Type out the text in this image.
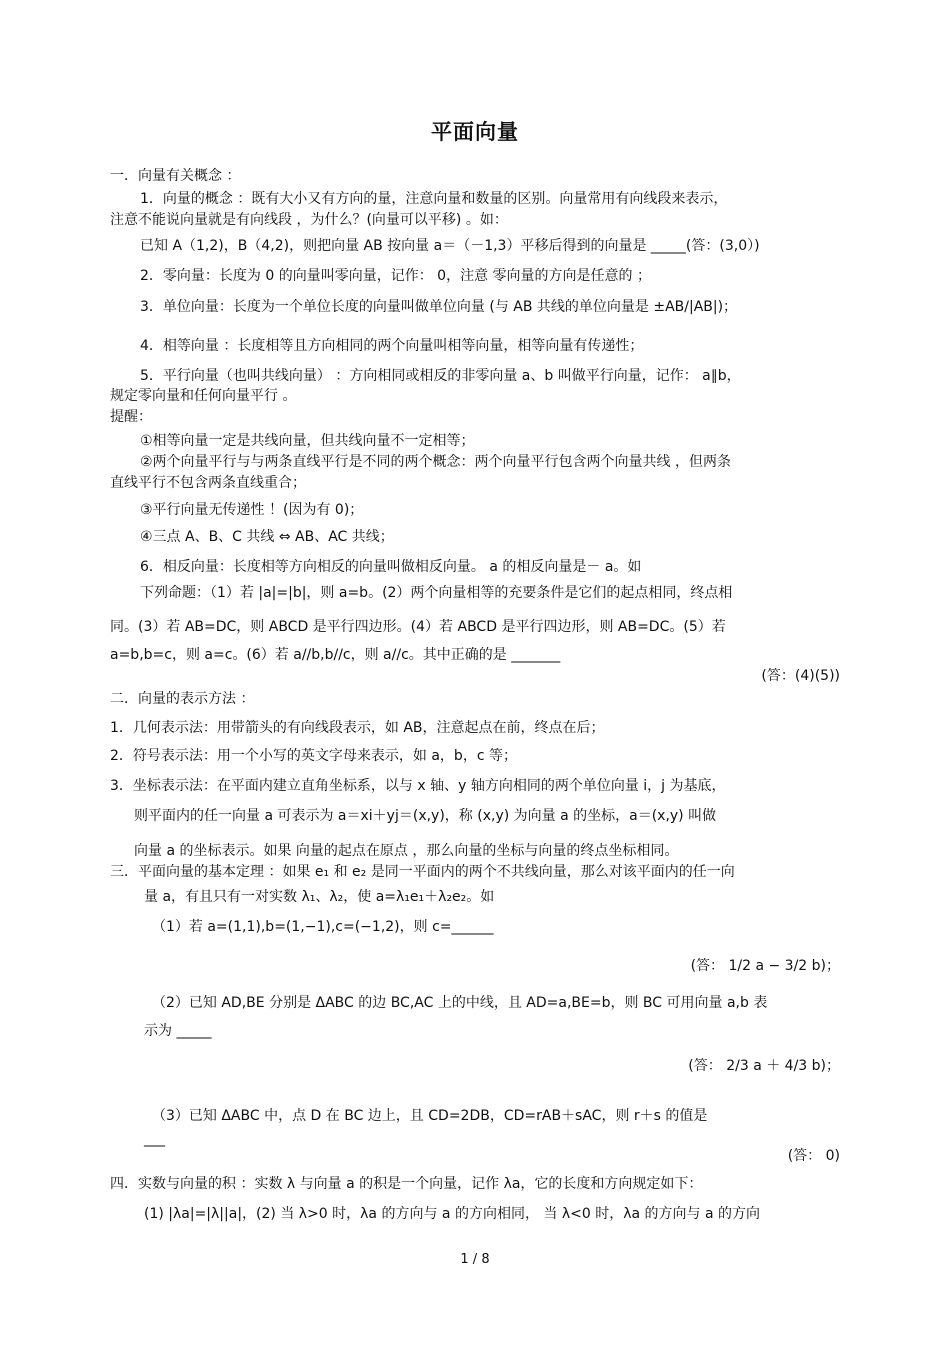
平面向量
一．向量有关概念 ：
1．向量的概念 ：既有大小又有方向的量，注意向量和数量的区别。向量常用有向线段来表示，
注意不能说向量就是有向线段 ，为什么？(向量可以平移) 。如：
已知 A（1,2)，B（4,2)，则把向量 AB 按向量 a＝（－1,3）平移后得到的向量是 _____(答：(3,0）)
2．零向量：长度为 0 的向量叫零向量，记作： 0，注意 零向量的方向是任意的 ；
3．单位向量：长度为一个单位长度的向量叫做单位向量 (与 AB 共线的单位向量是 ±AB/|AB|)；
4．相等向量 ：长度相等且方向相同的两个向量叫相等向量，相等向量有传递性；
5．平行向量（也叫共线向量） ：方向相同或相反的非零向量 a、b 叫做平行向量，记作： a∥b，
规定零向量和任何向量平行 。
提醒：
①相等向量一定是共线向量，但共线向量不一定相等；
②两个向量平行与与两条直线平行是不同的两个概念：两个向量平行包含两个向量共线 ，但两条
直线平行不包含两条直线重合；
③平行向量无传递性 ！(因为有 0)；
④三点 A、B、C 共线 ⇔ AB、AC 共线；
6．相反向量：长度相等方向相反的向量叫做相反向量。 a 的相反向量是－ a。如
下列命题：（1）若 |a|=|b|，则 a=b。(2）两个向量相等的充要条件是它们的起点相同，终点相
同。(3）若 AB=DC，则 ABCD 是平行四边形。(4）若 ABCD 是平行四边形，则 AB=DC。(5）若
a=b,b=c，则 a=c。(6）若 a//b,b//c，则 a//c。其中正确的是 _______
二．向量的表示方法 ：
1．几何表示法：用带箭头的有向线段表示，如 AB，注意起点在前，终点在后；
2．符号表示法：用一个小写的英文字母来表示，如 a，b，c 等；
3．坐标表示法：在平面内建立直角坐标系，以与 x 轴、y 轴方向相同的两个单位向量 i，j 为基底，
则平面内的任一向量 a 可表示为 a＝xi＋yj＝(x,y)，称 (x,y) 为向量 a 的坐标，a＝(x,y) 叫做
向量 a 的坐标表示。如果 向量的起点在原点 ，那么向量的坐标与向量的终点坐标相同。
三．平面向量的基本定理 ：如果 e₁ 和 e₂ 是同一平面内的两个不共线向量，那么对该平面内的任一向
量 a，有且只有一对实数 λ₁、λ₂，使 a=λ₁e₁＋λ₂e₂。如
（1）若 a=(1,1),b=(1,−1),c=(−1,2)，则 c=______
（2）已知 AD,BE 分别是 ΔABC 的边 BC,AC 上的中线，且 AD=a,BE=b，则 BC 可用向量 a,b 表
示为 _____
（3）已知 ΔABC 中，点 D 在 BC 边上，且 CD=2DB，CD=rAB＋sAC，则 r＋s 的值是
___
四．实数与向量的积 ：实数 λ 与向量 a 的积是一个向量，记作 λa，它的长度和方向规定如下：
(1) |λa|=|λ||a|，(2) 当 λ>0 时，λa 的方向与 a 的方向相同， 当 λ<0 时，λa 的方向与 a 的方向
(答：(4)(5))
(答： 1/2 a − 3/2 b)；
(答： 2/3 a ＋ 4/3 b)；
(答： 0)
1 / 8
